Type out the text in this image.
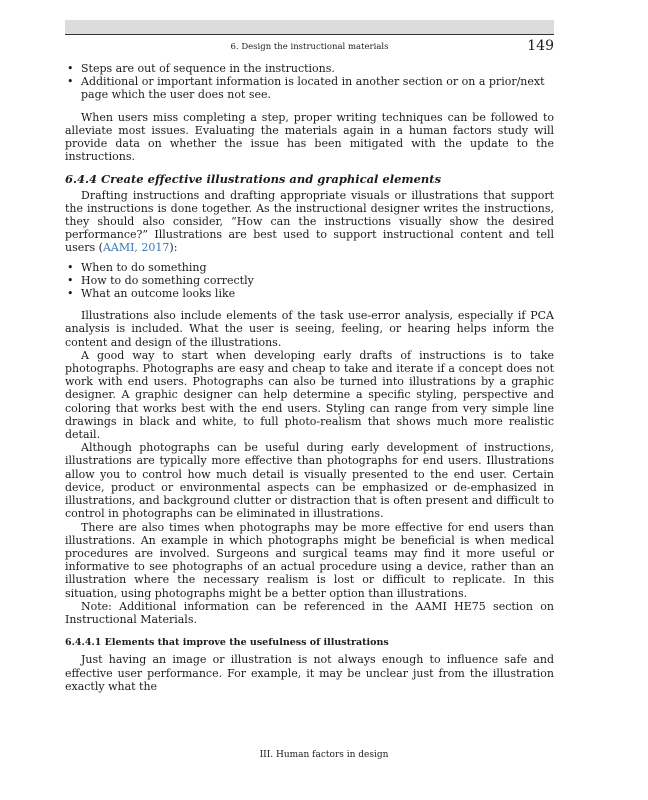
6. Design the instructional materials	149
• Steps are out of sequence in the instructions.
• Additional or important information is located in another section or on a prior/next page which the user does not see.

When users miss completing a step, proper writing techniques can be followed to alleviate most issues. Evaluating the materials again in a human factors study will provide data on whether the issue has been mitigated with the update to the instructions.

6.4.4 Create effective illustrations and graphical elements

Drafting instructions and drafting appropriate visuals or illustrations that support the instructions is done together. As the instructional designer writes the instructions, they should also consider, “How can the instructions visually show the desired performance?” Illustrations are best used to support instructional content and tell users (AAMI, 2017):

• When to do something
• How to do something correctly
• What an outcome looks like

Illustrations also include elements of the task use-error analysis, especially if PCA analysis is included. What the user is seeing, feeling, or hearing helps inform the content and design of the illustrations.

A good way to start when developing early drafts of instructions is to take photographs. Photographs are easy and cheap to take and iterate if a concept does not work with end users. Photographs can also be turned into illustrations by a graphic designer. A graphic designer can help determine a specific styling, perspective and coloring that works best with the end users. Styling can range from very simple line drawings in black and white, to full photo-realism that shows much more realistic detail.

Although photographs can be useful during early development of instructions, illustrations are typically more effective than photographs for end users. Illustrations allow you to control how much detail is visually presented to the end user. Certain device, product or environmental aspects can be emphasized or de-emphasized in illustrations, and background clutter or distraction that is often present and difficult to control in photographs can be eliminated in illustrations.

There are also times when photographs may be more effective for end users than illustrations. An example in which photographs might be beneficial is when medical procedures are involved. Surgeons and surgical teams may find it more useful or informative to see photographs of an actual procedure using a device, rather than an illustration where the necessary realism is lost or difficult to replicate. In this situation, using photographs might be a better option than illustrations.

Note: Additional information can be referenced in the AAMI HE75 section on Instructional Materials.

6.4.4.1 Elements that improve the usefulness of illustrations

Just having an image or illustration is not always enough to influence safe and effective user performance. For example, it may be unclear just from the illustration exactly what the

III. Human factors in design
